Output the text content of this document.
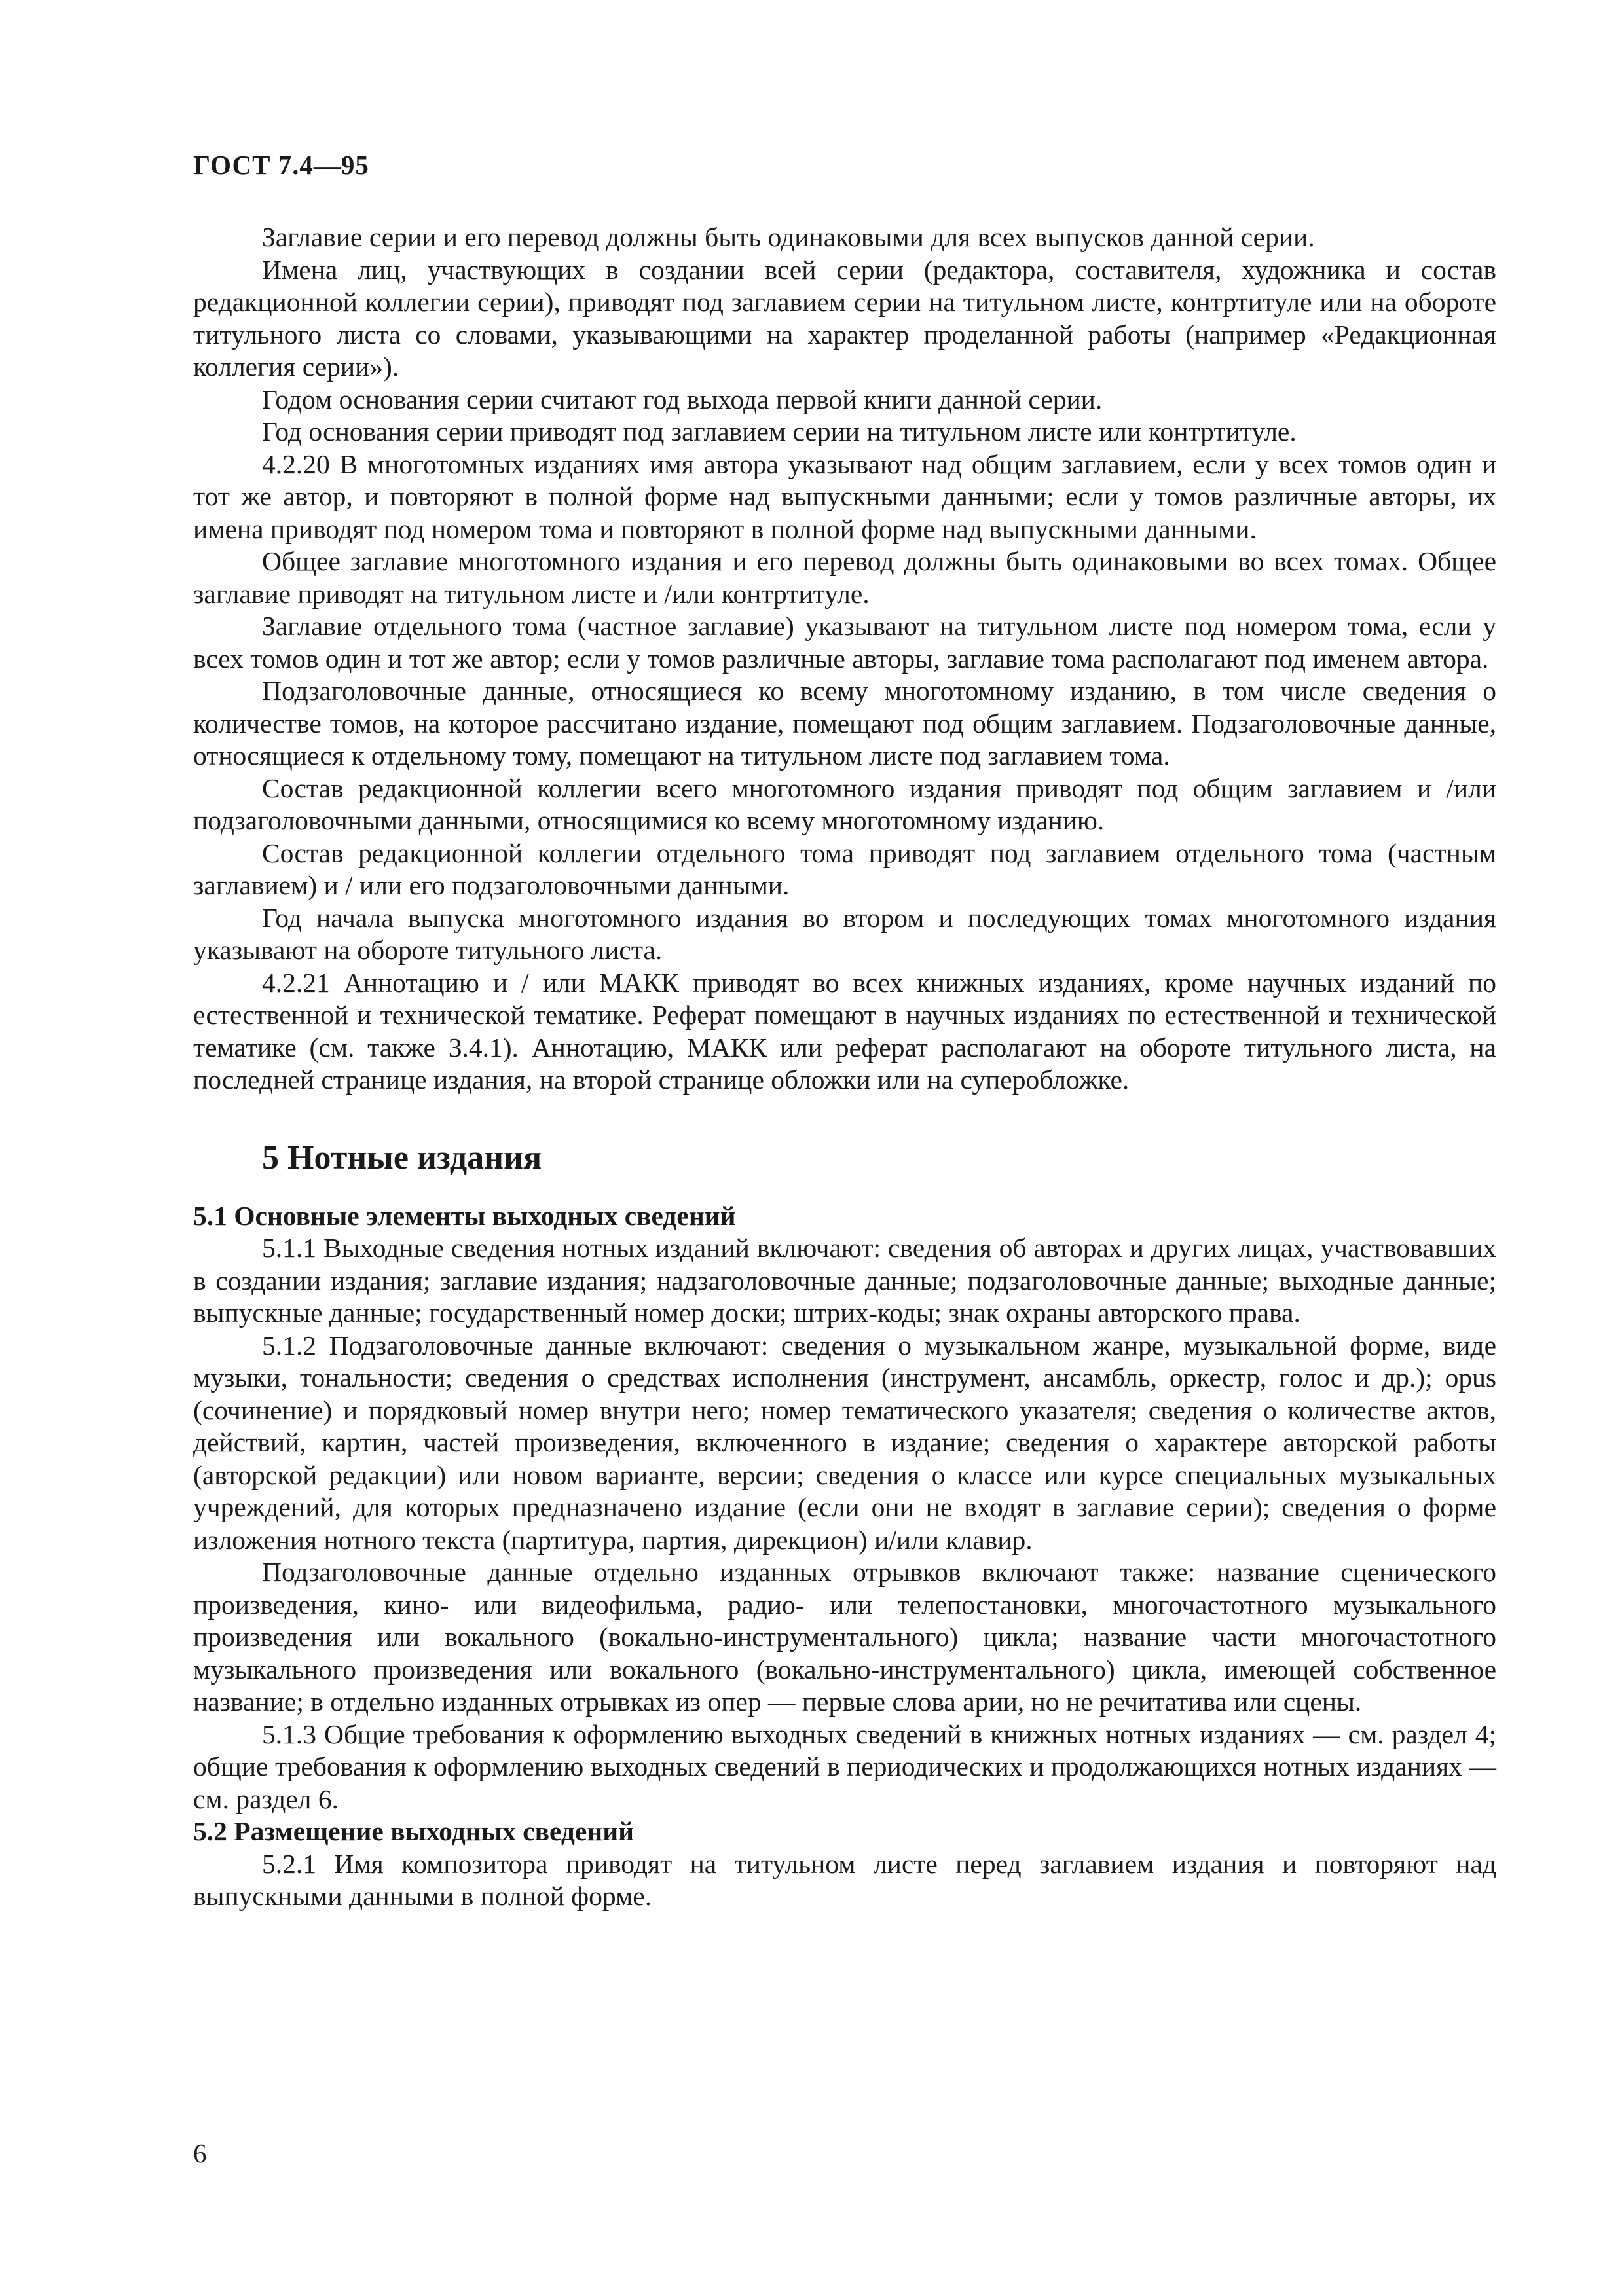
ГОСТ 7.4—95

Заглавие серии и его перевод должны быть одинаковыми для всех выпусков данной серии.

Имена лиц, участвующих в создании всей серии (редактора, составителя, художника и состав редакционной коллегии серии), приводят под заглавием серии на титульном листе, контртитуле или на обороте титульного листа со словами, указывающими на характер проделанной работы (например «Редакционная коллегия серии»).

Годом основания серии считают год выхода первой книги данной серии.

Год основания серии приводят под заглавием серии на титульном листе или контртитуле.

4.2.20 В многотомных изданиях имя автора указывают над общим заглавием, если у всех томов один и тот же автор, и повторяют в полной форме над выпускными данными; если у томов различные авторы, их имена приводят под номером тома и повторяют в полной форме над выпускными данными.

Общее заглавие многотомного издания и его перевод должны быть одинаковыми во всех томах. Общее заглавие приводят на титульном листе и /или контртитуле.

Заглавие отдельного тома (частное заглавие) указывают на титульном листе под номером тома, если у всех томов один и тот же автор; если у томов различные авторы, заглавие тома располагают под именем автора.

Подзаголовочные данные, относящиеся ко всему многотомному изданию, в том числе сведения о количестве томов, на которое рассчитано издание, помещают под общим заглавием. Подзаголовочные данные, относящиеся к отдельному тому, помещают на титульном листе под заглавием тома.

Состав редакционной коллегии всего многотомного издания приводят под общим заглавием и /или подзаголовочными данными, относящимися ко всему многотомному изданию.

Состав редакционной коллегии отдельного тома приводят под заглавием отдельного тома (частным заглавием) и / или его подзаголовочными данными.

Год начала выпуска многотомного издания во втором и последующих томах многотомного издания указывают на обороте титульного листа.

4.2.21 Аннотацию и / или МАКК приводят во всех книжных изданиях, кроме научных изданий по естественной и технической тематике. Реферат помещают в научных изданиях по естественной и технической тематике (см. также 3.4.1). Аннотацию, МАКК или реферат располагают на обороте титульного листа, на последней странице издания, на второй странице обложки или на суперобложке.

5 Нотные издания

5.1 Основные элементы выходных сведений

5.1.1 Выходные сведения нотных изданий включают: сведения об авторах и других лицах, участвовавших в создании издания; заглавие издания; надзаголовочные данные; подзаголовочные данные; выходные данные; выпускные данные; государственный номер доски; штрих-коды; знак охраны авторского права.

5.1.2 Подзаголовочные данные включают: сведения о музыкальном жанре, музыкальной форме, виде музыки, тональности; сведения о средствах исполнения (инструмент, ансамбль, оркестр, голос и др.); opus (сочинение) и порядковый номер внутри него; номер тематического указателя; сведения о количестве актов, действий, картин, частей произведения, включенного в издание; сведения о характере авторской работы (авторской редакции) или новом варианте, версии; сведения о классе или курсе специальных музыкальных учреждений, для которых предназначено издание (если они не входят в заглавие серии); сведения о форме изложения нотного текста (партитура, партия, дирекцион) и/или клавир.

Подзаголовочные данные отдельно изданных отрывков включают также: название сценического произведения, кино- или видеофильма, радио- или телепостановки, многочастотного музыкального произведения или вокального (вокально-инструментального) цикла; название части многочастотного музыкального произведения или вокального (вокально-инструментального) цикла, имеющей собственное название; в отдельно изданных отрывках из опер — первые слова арии, но не речитатива или сцены.

5.1.3 Общие требования к оформлению выходных сведений в книжных нотных изданиях — см. раздел 4; общие требования к оформлению выходных сведений в периодических и продолжающихся нотных изданиях — см. раздел 6.

5.2 Размещение выходных сведений

5.2.1 Имя композитора приводят на титульном листе перед заглавием издания и повторяют над выпускными данными в полной форме.

6
